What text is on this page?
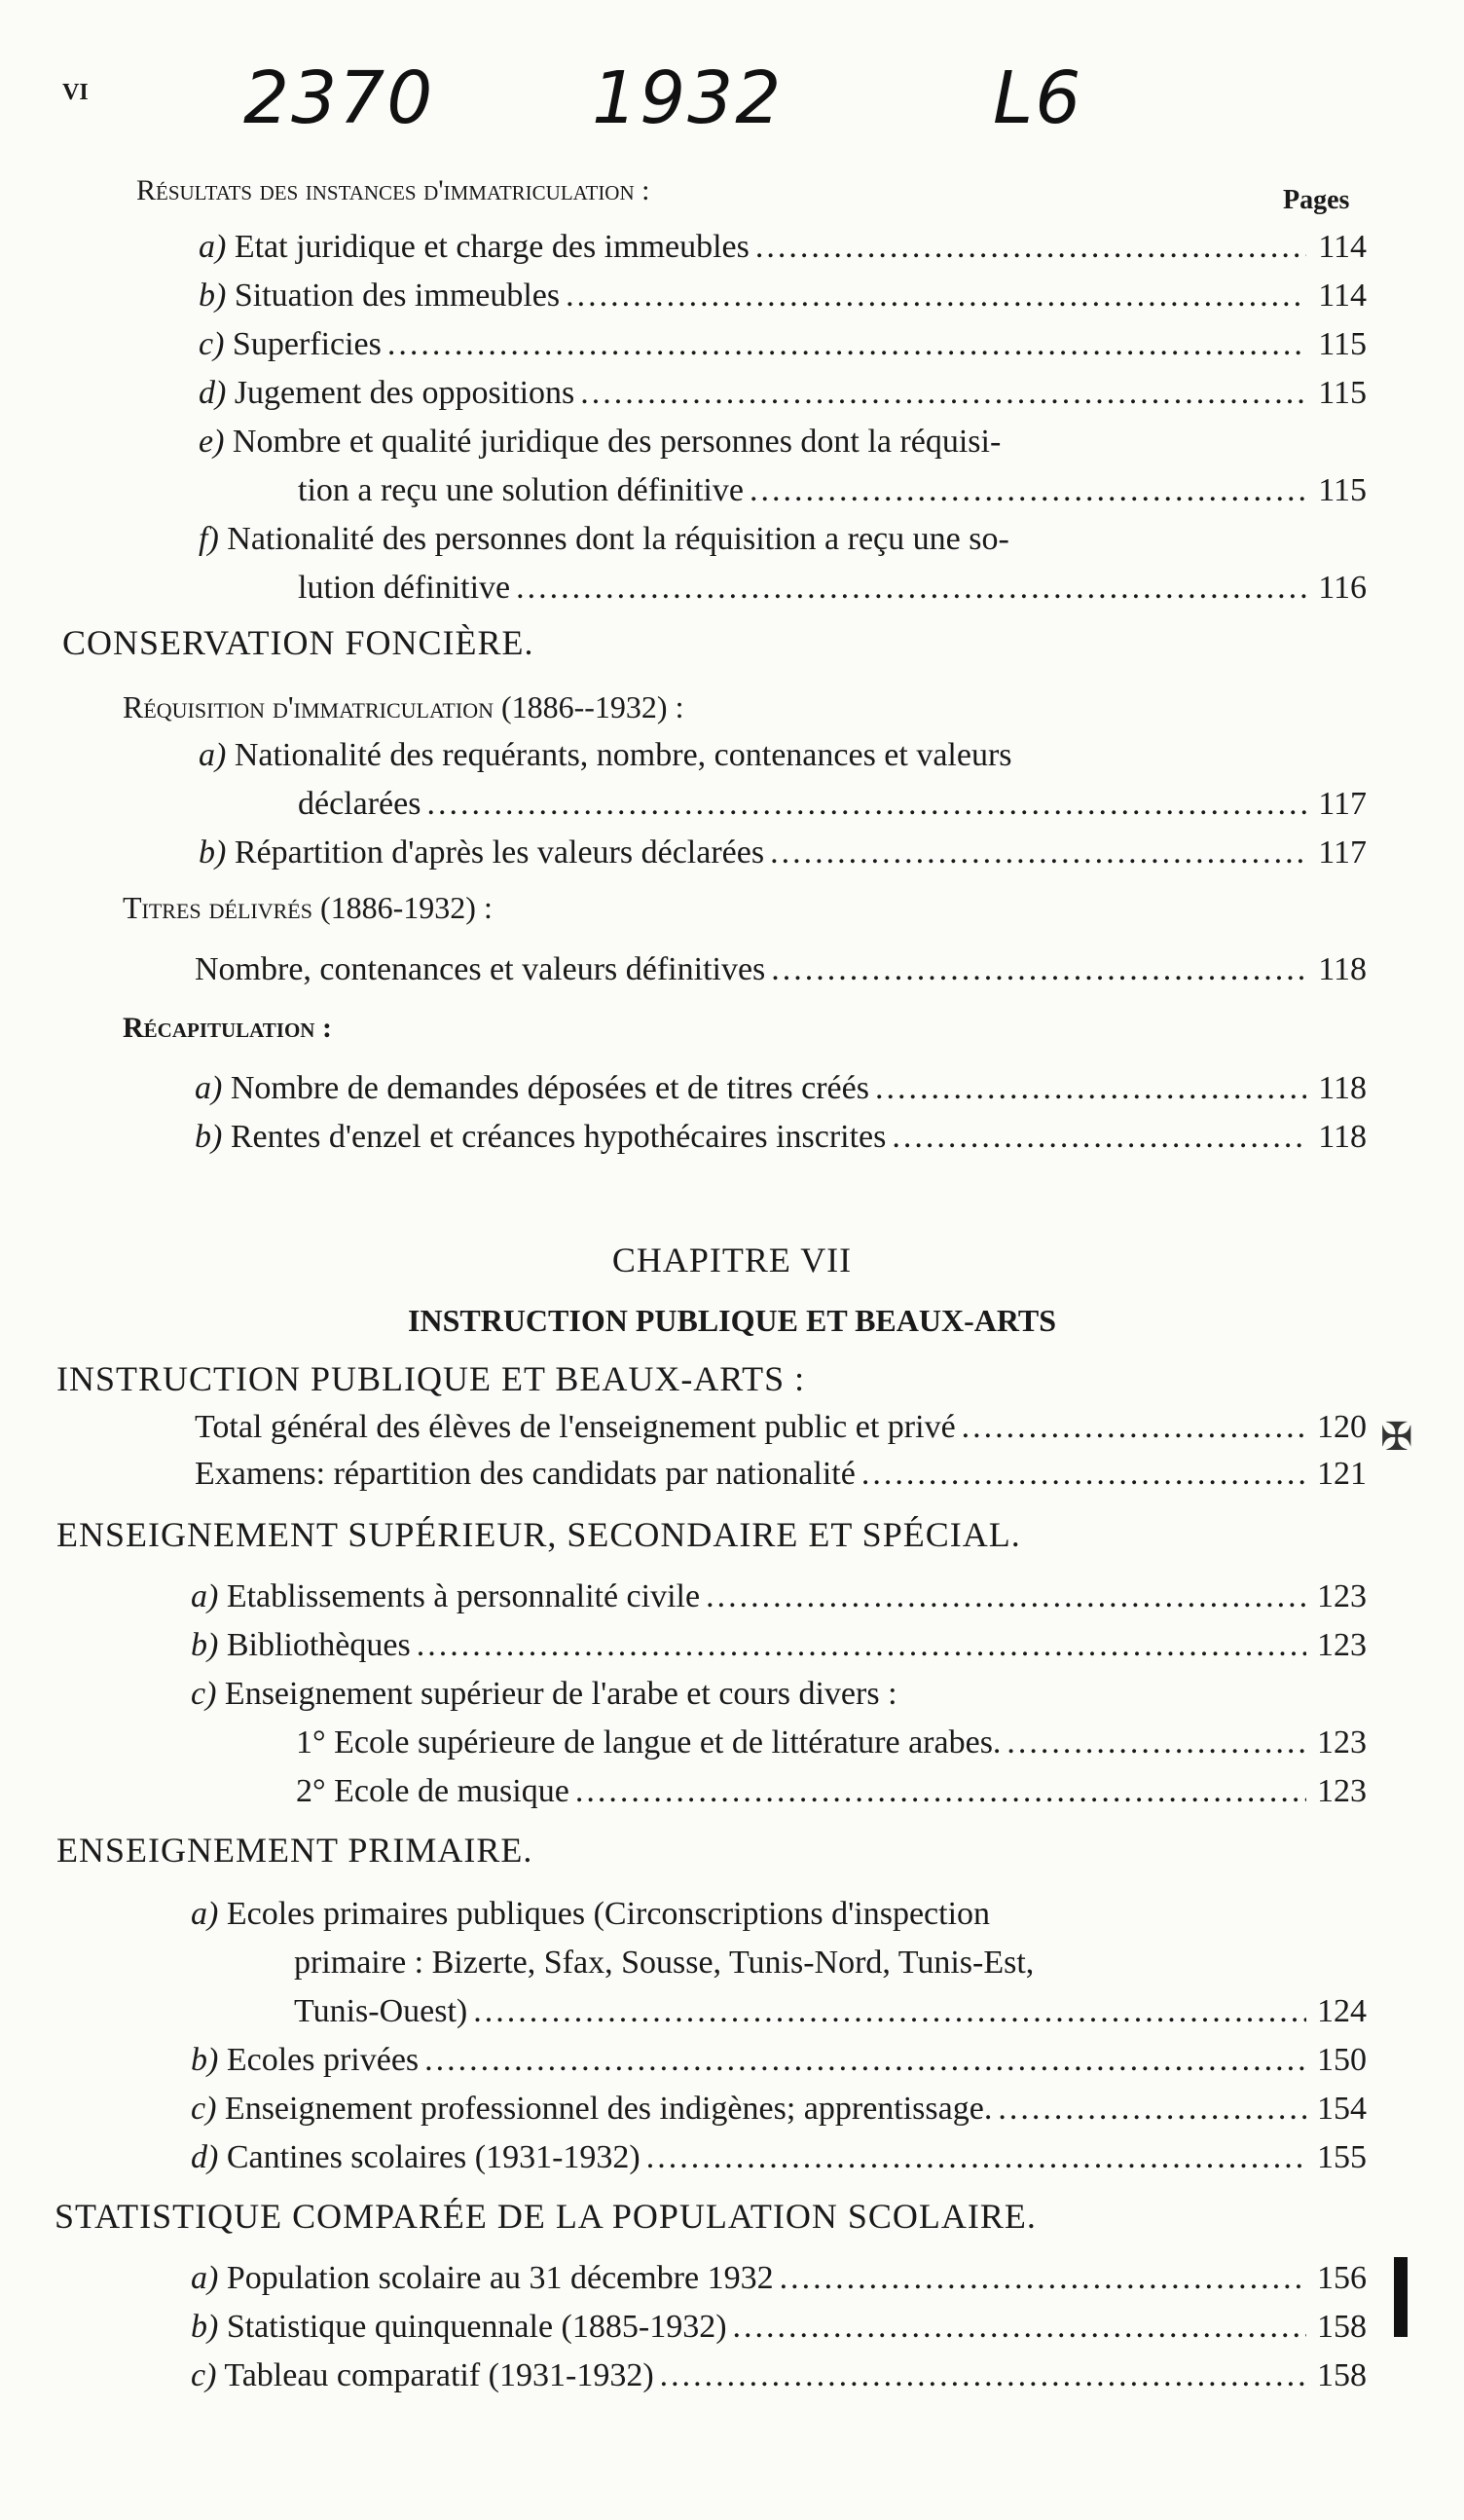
VI 2370 1932	L6
Résultats des instances d'immatriculation :	Pages
a) Etat juridique et charge des immeubles .....	114
b) Situation des immeubles .....	114
c) Superficies .....	115
d) Jugement des oppositions .....	115
e) Nombre et qualité juridique des personnes dont la réquisi-
tion a reçu une solution définitive .....	115
f) Nationalité des personnes dont la réquisition a reçu une so-
lution définitive .....	116
CONSERVATION FONCIÈRE.
Réquisition d'immatriculation (1886--1932) :
a) Nationalité des requérants, nombre, contenances et valeurs
déclarées .....	117
b) Répartition d'après les valeurs déclarées .....	117
Titres délivrés (1886-1932) :
Nombre, contenances et valeurs définitives .....	118
Récapitulation :
a) Nombre de demandes déposées et de titres créés .....	118
b) Rentes d'enzel et créances hypothécaires inscrites .....	118
CHAPITRE VII
INSTRUCTION PUBLIQUE ET BEAUX-ARTS
INSTRUCTION PUBLIQUE ET BEAUX-ARTS :
Total général des élèves de l'enseignement public et privé .....	120
Examens: répartition des candidats par nationalité .....	121
✠
ENSEIGNEMENT SUPÉRIEUR, SECONDAIRE ET SPÉCIAL.
a) Etablissements à personnalité civile .....	123
b) Bibliothèques .....	123
c) Enseignement supérieur de l'arabe et cours divers :
1° Ecole supérieure de langue et de littérature arabes. .....	123
2° Ecole de musique .....	123
ENSEIGNEMENT PRIMAIRE.
a) Ecoles primaires publiques (Circonscriptions d'inspection
primaire : Bizerte, Sfax, Sousse, Tunis-Nord, Tunis-Est,
Tunis-Ouest) .....	124
b) Ecoles privées .....	150
c) Enseignement professionnel des indigènes; apprentissage. .....	154
d) Cantines scolaires (1931-1932) .....	155
STATISTIQUE COMPARÉE DE LA POPULATION SCOLAIRE.
a) Population scolaire au 31 décembre 1932 .....	156
b) Statistique quinquennale (1885-1932) .....	158
c) Tableau comparatif (1931-1932) .....	158
